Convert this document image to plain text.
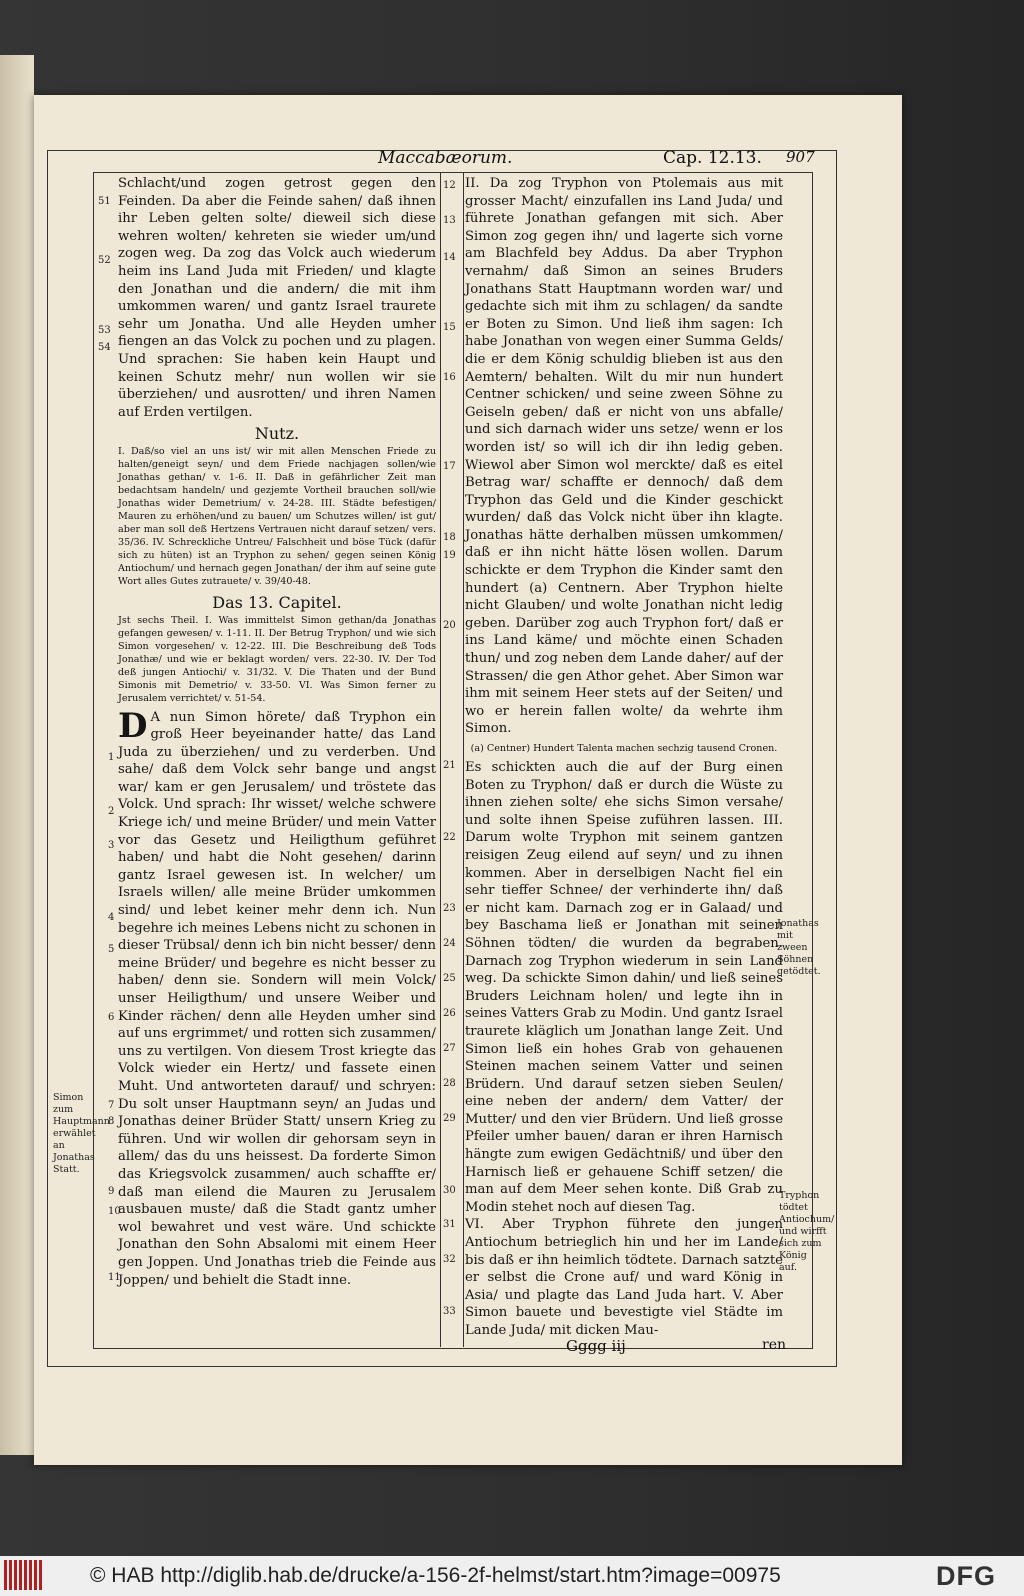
Maccabæorum.	Cap. 12.13. 907
51
52
53
54
1
2
3
4
5
6
7
8
9
10
11
12
13
14
15
16
17
18
19
20
21
22
23
24
25
26
27
28
29
30
31
32
33

Schlacht/und zogen getrost gegen den Feinden. Da aber die Feinde sahen/ daß ihnen ihr Leben gelten solte/ dieweil sich diese wehren wolten/ kehreten sie wieder um/und zogen weg. Da zog das Volck auch wiederum heim ins Land Juda mit Frieden/ und klagte den Jonathan und die andern/ die mit ihm umkommen waren/ und gantz Israel traurete sehr um Jonatha. Und alle Heyden umher fiengen an das Volck zu pochen und zu plagen. Und sprachen: Sie haben kein Haupt und keinen Schutz mehr/ nun wollen wir sie überziehen/ und ausrotten/ und ihren Namen auf Erden vertilgen.

Nutz.

I. Daß/so viel an uns ist/ wir mit allen Menschen Friede zu halten/geneigt seyn/ und dem Friede nachjagen sollen/wie Jonathas gethan/ v. 1-6. II. Daß in gefährlicher Zeit man bedachtsam handeln/ und gezjemte Vortheil brauchen soll/wie Jonathas wider Demetrium/ v. 24-28. III. Städte befestigen/ Mauren zu erhöhen/und zu bauen/ um Schutzes willen/ ist gut/ aber man soll deß Hertzens Vertrauen nicht darauf setzen/ vers. 35/36. IV. Schreckliche Untreu/ Falschheit und böse Tück (dafür sich zu hüten) ist an Tryphon zu sehen/ gegen seinen König Antiochum/ und hernach gegen Jonathan/ der ihm auf seine gute Wort alles Gutes zutrauete/ v. 39/40-48.

Das 13. Capitel.

Jst sechs Theil. I. Was immittelst Simon gethan/da Jonathas gefangen gewesen/ v. 1-11. II. Der Betrug Tryphon/ und wie sich Simon vorgesehen/ v. 12-22. III. Die Beschreibung deß Tods Jonathæ/ und wie er beklagt worden/ vers. 22-30. IV. Der Tod deß jungen Antiochi/ v. 31/32. V. Die Thaten und der Bund Simonis mit Demetrio/ v. 33-50. VI. Was Simon ferner zu Jerusalem verrichtet/ v. 51-54.

D A nun Simon hörete/ daß Tryphon ein groß Heer beyeinander hatte/ das Land Juda zu überziehen/ und zu verderben. Und sahe/ daß dem Volck sehr bange und angst war/ kam er gen Jerusalem/ und tröstete das Volck. Und sprach: Ihr wisset/ welche schwere Kriege ich/ und meine Brüder/ und mein Vatter vor das Gesetz und Heiligthum geführet haben/ und habt die Noht gesehen/ darinn gantz Israel gewesen ist. In welcher/ um Israels willen/ alle meine Brüder umkommen sind/ und lebet keiner mehr denn ich. Nun begehre ich meines Lebens nicht zu schonen in dieser Trübsal/ denn ich bin nicht besser/ denn meine Brüder/ und begehre es nicht besser zu haben/ denn sie. Sondern will mein Volck/ unser Heiligthum/ und unsere Weiber und Kinder rächen/ denn alle Heyden umher sind auf uns ergrimmet/ und rotten sich zusammen/ uns zu vertilgen. Von diesem Trost kriegte das Volck wieder ein Hertz/ und fassete einen Muht. Und antworteten darauf/ und schryen: Du solt unser Hauptmann seyn/ an Judas und Jonathas deiner Brüder Statt/ unsern Krieg zu führen. Und wir wollen dir gehorsam seyn in allem/ das du uns heissest. Da forderte Simon das Kriegsvolck zusammen/ auch schaffte er/ daß man eilend die Mauren zu Jerusalem ausbauen muste/ daß die Stadt gantz umher wol bewahret und vest wäre. Und schickte Jonathan den Sohn Absalomi mit einem Heer gen Joppen. Und Jonathas trieb die Feinde aus Joppen/ und behielt die Stadt inne.

II. Da zog Tryphon von Ptolemais aus mit grosser Macht/ einzufallen ins Land Juda/ und führete Jonathan gefangen mit sich. Aber Simon zog gegen ihn/ und lagerte sich vorne am Blachfeld bey Addus. Da aber Tryphon vernahm/ daß Simon an seines Bruders Jonathans Statt Hauptmann worden war/ und gedachte sich mit ihm zu schlagen/ da sandte er Boten zu Simon. Und ließ ihm sagen: Ich habe Jonathan von wegen einer Summa Gelds/ die er dem König schuldig blieben ist aus den Aemtern/ behalten. Wilt du mir nun hundert Centner schicken/ und seine zween Söhne zu Geiseln geben/ daß er nicht von uns abfalle/ und sich darnach wider uns setze/ wenn er los worden ist/ so will ich dir ihn ledig geben. Wiewol aber Simon wol merckte/ daß es eitel Betrag war/ schaffte er dennoch/ daß dem Tryphon das Geld und die Kinder geschickt wurden/ daß das Volck nicht über ihn klagte. Jonathas hätte derhalben müssen umkommen/ daß er ihn nicht hätte lösen wollen. Darum schickte er dem Tryphon die Kinder samt den hundert (a) Centnern. Aber Tryphon hielte nicht Glauben/ und wolte Jonathan nicht ledig geben. Darüber zog auch Tryphon fort/ daß er ins Land käme/ und möchte einen Schaden thun/ und zog neben dem Lande daher/ auf der Strassen/ die gen Athor gehet. Aber Simon war ihm mit seinem Heer stets auf der Seiten/ und wo er herein fallen wolte/ da wehrte ihm Simon.

(a) Centner) Hundert Talenta machen sechzig tausend Cronen.

Es schickten auch die auf der Burg einen Boten zu Tryphon/ daß er durch die Wüste zu ihnen ziehen solte/ ehe sichs Simon versahe/ und solte ihnen Speise zuführen lassen. III. Darum wolte Tryphon mit seinem gantzen reisigen Zeug eilend auf seyn/ und zu ihnen kommen. Aber in derselbigen Nacht fiel ein sehr tieffer Schnee/ der verhinderte ihn/ daß er nicht kam. Darnach zog er in Galaad/ und bey Baschama ließ er Jonathan mit seinen Söhnen tödten/ die wurden da begraben. Darnach zog Tryphon wiederum in sein Land weg. Da schickte Simon dahin/ und ließ seines Bruders Leichnam holen/ und legte ihn in seines Vatters Grab zu Modin. Und gantz Israel traurete kläglich um Jonathan lange Zeit. Und Simon ließ ein hohes Grab von gehauenen Steinen machen seinem Vatter und seinen Brüdern. Und darauf setzen sieben Seulen/ eine neben der andern/ dem Vatter/ der Mutter/ und den vier Brüdern. Und ließ grosse Pfeiler umher bauen/ daran er ihren Harnisch hängte zum ewigen Gedächtniß/ und über den Harnisch ließ er gehauene Schiff setzen/ die man auf dem Meer sehen konte. Diß Grab zu Modin stehet noch auf diesen Tag.

VI. Aber Tryphon führete den jungen Antiochum betrieglich hin und her im Lande/ bis daß er ihn heimlich tödtete. Darnach satzte er selbst die Crone auf/ und ward König in Asia/ und plagte das Land Juda hart. V. Aber Simon bauete und bevestigte viel Städte im Lande Juda/ mit dicken Mau-

Simon zum Hauptmann erwählet an Jonathas Statt.
Jonathas mit zween Söhnen getödtet.
Tryphon tödtet Antiochum/ und wirfft sich zum König auf.
Gggg iij	ren
© HAB http://diglib.hab.de/drucke/a-156-2f-helmst/start.htm?image=00975	DFG
